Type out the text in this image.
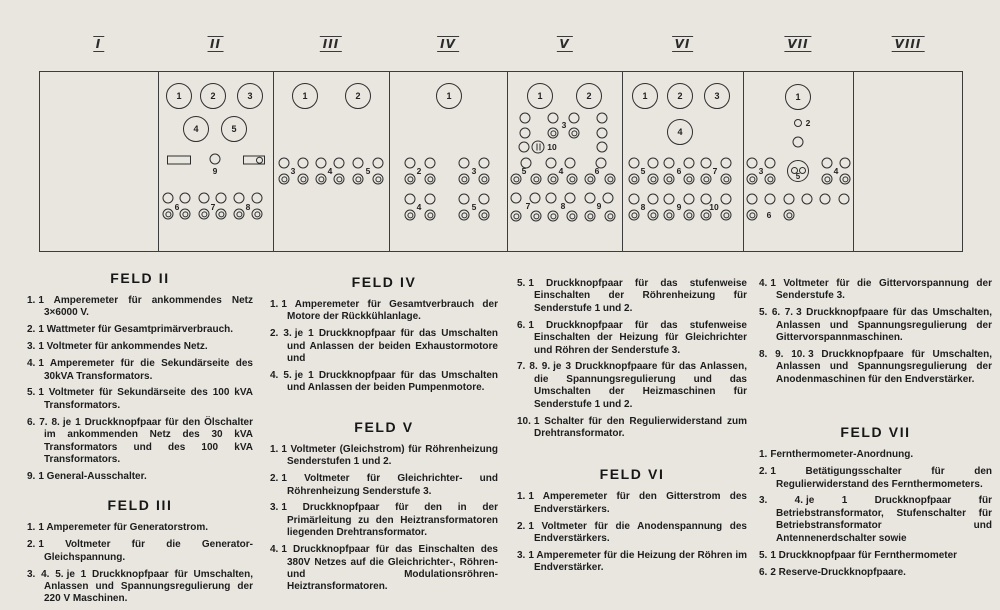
I	II	III	IV	V	VI	VII	VIII
1	2	3
4	5
9
6	7	8
1	2
3	4	5
1
2	3
4	5
1	2
3
10
5	4	6
7	8	9
1	2	3
4
5	6	7
8	9	10
1
2
3	4
5
6
FELD II
1. 1 Amperemeter für ankommendes Netz 3×6000 V.
2. 1 Wattmeter für Gesamtprimärverbrauch.
3. 1 Voltmeter für ankommendes Netz.
4. 1 Amperemeter für die Sekundärseite des 30kVA Transformators.
5. 1 Voltmeter für Sekundärseite des 100 kVA Transformators.
6. 7. 8. je 1 Druckknopfpaar für den Ölschalter im ankommenden Netz des 30 kVA Transformators und des 100 kVA Transformators.
9. 1 General-Ausschalter.
FELD III
1. 1 Amperemeter für Generatorstrom.
2. 1 Voltmeter für die Generator-Gleichspannung.
3. 4. 5. je 1 Druckknopfpaar für Umschalten, Anlassen und Spannungsregulierung der 220 V Maschinen.
FELD IV
1. 1 Amperemeter für Gesamtverbrauch der Motore der Rückkühlanlage.
2. 3. je 1 Druckknopfpaar für das Umschalten und Anlassen der beiden Exhaustormotore und
4. 5. je 1 Druckknopfpaar für das Umschalten und Anlassen der beiden Pumpenmotore.
FELD V
1. 1 Voltmeter (Gleichstrom) für Röhrenheizung Senderstufen 1 und 2.
2. 1 Voltmeter für Gleichrichter- und Röhrenheizung Senderstufe 3.
3. 1 Druckknopfpaar für den in der Primärleitung zu den Heiztransformatoren liegenden Drehtransformator.
4. 1 Druckknopfpaar für das Einschalten des 380V Netzes auf die Gleichrichter-, Röhren- und Modulationsröhren-Heiztransformatoren.
5. 1 Druckknopfpaar für das stufenweise Einschalten der Röhrenheizung für Senderstufe 1 und 2.
6. 1 Druckknopfpaar für das stufenweise Einschalten der Heizung für Gleichrichter und Röhren der Senderstufe 3.
7. 8. 9. je 3 Druckknopfpaare für das Anlassen, die Spannungsregulierung und das Umschalten der Heizmaschinen für Senderstufe 1 und 2.
10. 1 Schalter für den Regulierwiderstand zum Drehtransformator.
FELD VI
1. 1 Amperemeter für den Gitterstrom des Endverstärkers.
2. 1 Voltmeter für die Anodenspannung des Endverstärkers.
3. 1 Amperemeter für die Heizung der Röhren im Endverstärker.
4. 1 Voltmeter für die Gittervorspannung der Senderstufe 3.
5. 6. 7. 3 Druckknopfpaare für das Umschalten, Anlassen und Spannungsregulierung der Gittervorspannmaschinen.
8. 9. 10. 3 Druckknopfpaare für Umschalten, Anlassen und Spannungsregulierung der Anodenmaschinen für den Endverstärker.
FELD VII
1. Fernthermometer-Anordnung.
2. 1 Betätigungsschalter für den Regulierwiderstand des Fernthermometers.
3. 4. je 1 Druckknopfpaar für Betriebstransformator, Stufenschalter für Betriebstransformator und Antennenerdschalter sowie
5. 1 Druckknopfpaar für Fernthermometer
6. 2 Reserve-Druckknopfpaare.
